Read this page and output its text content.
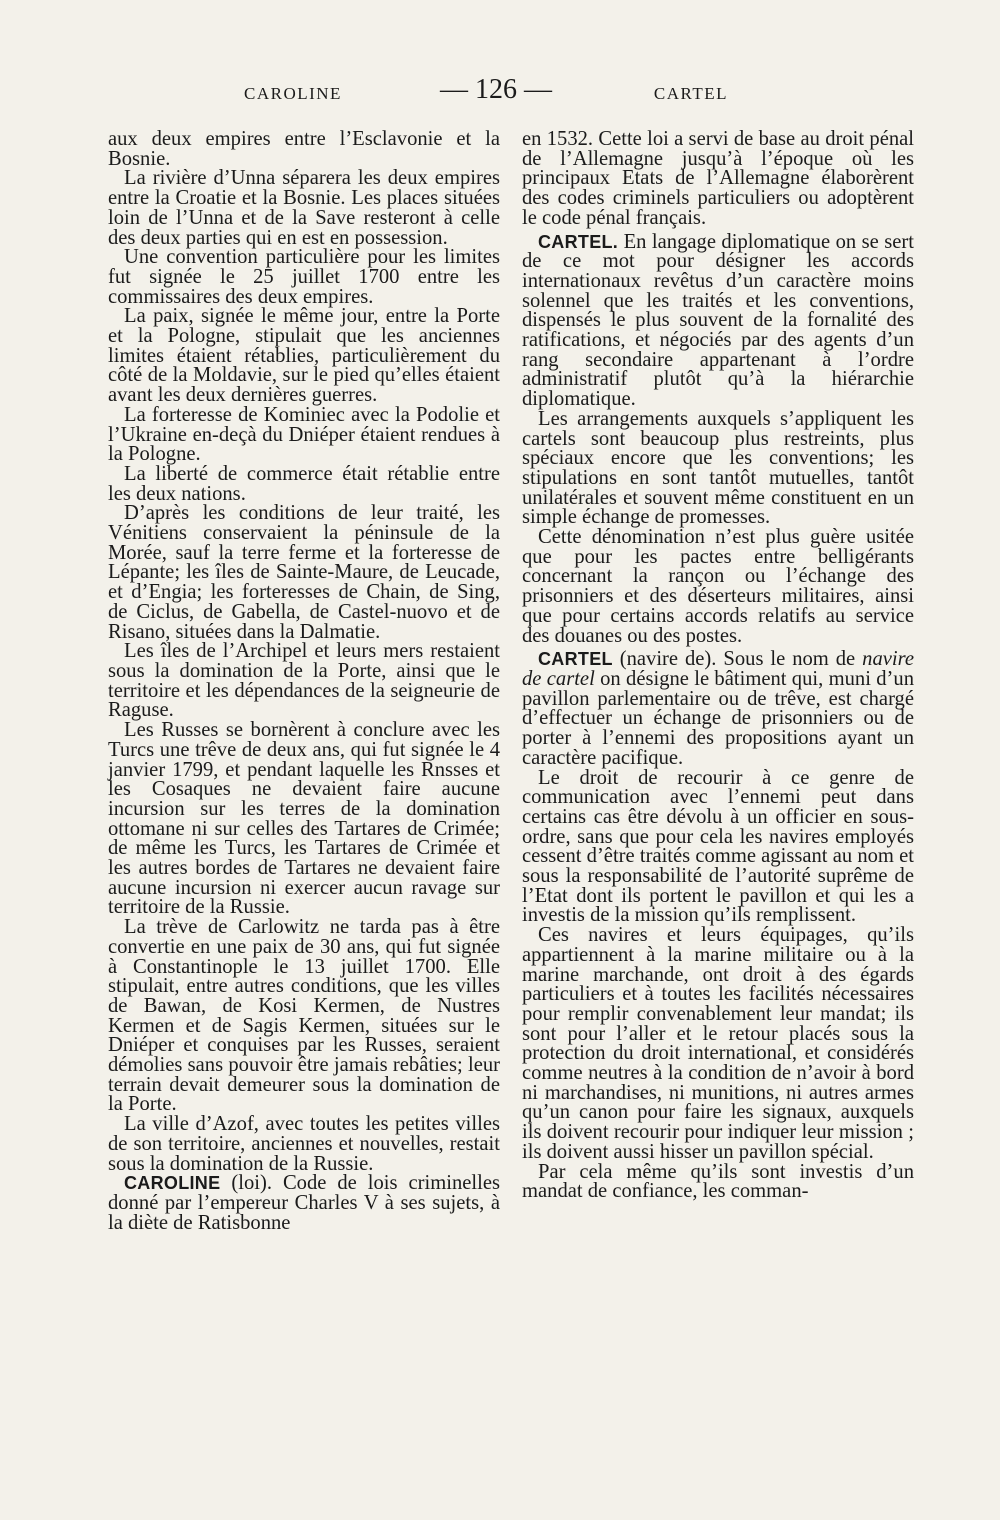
CAROLINE	— 126 —	CARTEL

aux deux empires entre l’Esclavonie et la Bosnie.

La rivière d’Unna séparera les deux empires entre la Croatie et la Bosnie. Les places situées loin de l’Unna et de la Save resteront à celle des deux parties qui en est en possession.

Une convention particulière pour les limites fut signée le 25 juillet 1700 entre les commissaires des deux empires.

La paix, signée le même jour, entre la Porte et la Pologne, stipulait que les anciennes limites étaient rétablies, particulièrement du côté de la Moldavie, sur le pied qu’elles étaient avant les deux dernières guerres.

La forteresse de Kominiec avec la Podolie et l’Ukraine en-deçà du Dniéper étaient rendues à la Pologne.

La liberté de commerce était rétablie entre les deux nations.

D’après les conditions de leur traité, les Vénitiens conservaient la péninsule de la Morée, sauf la terre ferme et la forteresse de Lépante; les îles de Sainte-Maure, de Leucade, et d’Engia; les forteresses de Chain, de Sing, de Ciclus, de Gabella, de Castel-nuovo et de Risano, situées dans la Dalmatie.

Les îles de l’Archipel et leurs mers restaient sous la domination de la Porte, ainsi que le territoire et les dépendances de la seigneurie de Raguse.

Les Russes se bornèrent à conclure avec les Turcs une trêve de deux ans, qui fut signée le 4 janvier 1799, et pendant laquelle les Rnsses et les Cosaques ne devaient faire aucune incursion sur les terres de la domination ottomane ni sur celles des Tartares de Crimée; de même les Turcs, les Tartares de Crimée et les autres bordes de Tartares ne devaient faire aucune incursion ni exercer aucun ravage sur territoire de la Russie.

La trève de Carlowitz ne tarda pas à être convertie en une paix de 30 ans, qui fut signée à Constantinople le 13 juillet 1700. Elle stipulait, entre autres conditions, que les villes de Bawan, de Kosi Kermen, de Nustres Kermen et de Sagis Kermen, situées sur le Dniéper et conquises par les Russes, seraient démolies sans pouvoir être jamais rebâties; leur terrain devait demeurer sous la domination de la Porte.

La ville d’Azof, avec toutes les petites villes de son territoire, anciennes et nouvelles, restait sous la domination de la Russie.

CAROLINE (loi). Code de lois criminelles donné par l’empereur Charles V à ses sujets, à la diète de Ratisbonne

en 1532. Cette loi a servi de base au droit pénal de l’Allemagne jusqu’à l’époque où les principaux Etats de l’Allemagne élaborèrent des codes criminels particuliers ou adoptèrent le code pénal français.

CARTEL. En langage diplomatique on se sert de ce mot pour désigner les accords internationaux revêtus d’un caractère moins solennel que les traités et les conventions, dispensés le plus souvent de la fornalité des ratifications, et négociés par des agents d’un rang secondaire appartenant à l’ordre administratif plutôt qu’à la hiérarchie diplomatique.

Les arrangements auxquels s’appliquent les cartels sont beaucoup plus restreints, plus spéciaux encore que les conventions; les stipulations en sont tantôt mutuelles, tantôt unilatérales et souvent même constituent en un simple échange de promesses.

Cette dénomination n’est plus guère usitée que pour les pactes entre belligérants concernant la rançon ou l’échange des prisonniers et des déserteurs militaires, ainsi que pour certains accords relatifs au service des douanes ou des postes.

CARTEL (navire de). Sous le nom de navire de cartel on désigne le bâtiment qui, muni d’un pavillon parlementaire ou de trêve, est chargé d’effectuer un échange de prisonniers ou de porter à l’ennemi des propositions ayant un caractère pacifique.

Le droit de recourir à ce genre de communication avec l’ennemi peut dans certains cas être dévolu à un officier en sous-ordre, sans que pour cela les navires employés cessent d’être traités comme agissant au nom et sous la responsabilité de l’autorité suprême de l’Etat dont ils portent le pavillon et qui les a investis de la mission qu’ils remplissent.

Ces navires et leurs équipages, qu’ils appartiennent à la marine militaire ou à la marine marchande, ont droit à des égards particuliers et à toutes les facilités nécessaires pour remplir convenablement leur mandat; ils sont pour l’aller et le retour placés sous la protection du droit international, et considérés comme neutres à la condition de n’avoir à bord ni marchandises, ni munitions, ni autres armes qu’un canon pour faire les signaux, auxquels ils doivent recourir pour indiquer leur mission ; ils doivent aussi hisser un pavillon spécial.

Par cela même qu’ils sont investis d’un mandat de confiance, les comman-
